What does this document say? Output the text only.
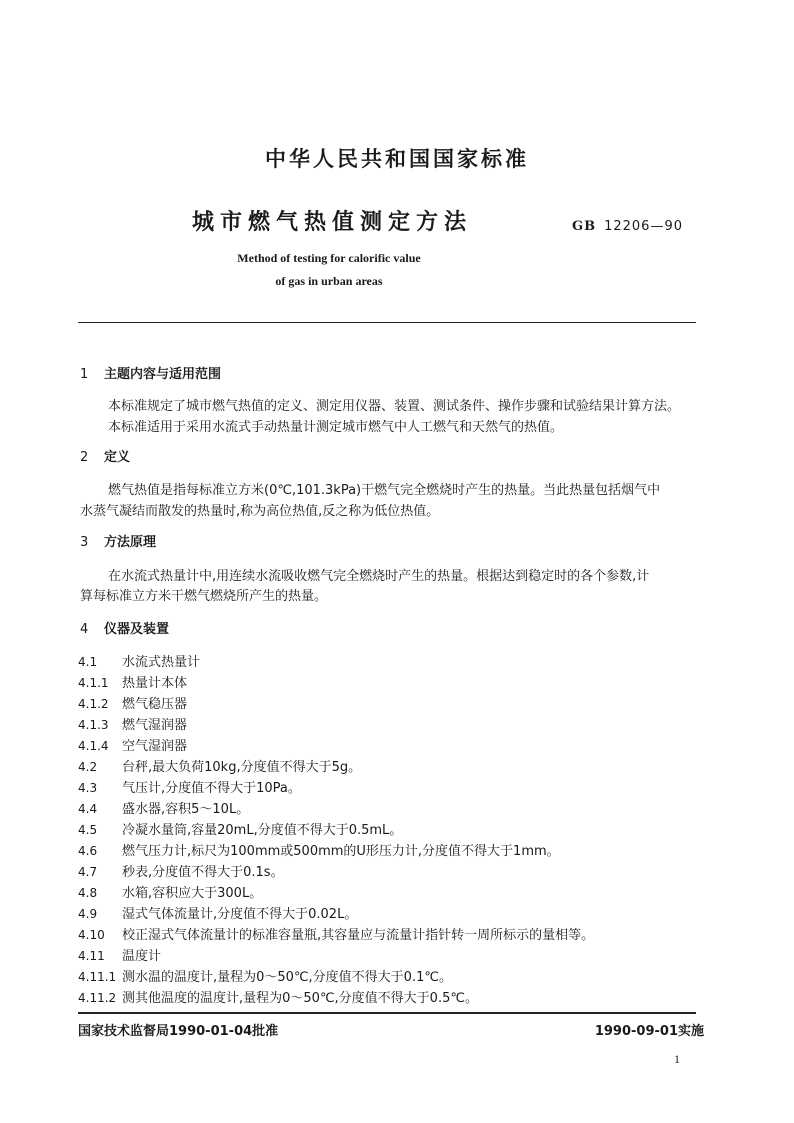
中华人民共和国国家标准
城市燃气热值测定方法	GB 12206—90
Method of testing for calorific value
of gas in urban areas
1 主题内容与适用范围
本标准规定了城市燃气热值的定义、测定用仪器、装置、测试条件、操作步骤和试验结果计算方法。
本标准适用于采用水流式手动热量计测定城市燃气中人工燃气和天然气的热值。
2 定义
燃气热值是指每标准立方米(0℃,101.3kPa)干燃气完全燃烧时产生的热量。当此热量包括烟气中
水蒸气凝结而散发的热量时,称为高位热值,反之称为低位热值。
3 方法原理
在水流式热量计中,用连续水流吸收燃气完全燃烧时产生的热量。根据达到稳定时的各个参数,计
算每标准立方米干燃气燃烧所产生的热量。
4 仪器及装置
4.1 水流式热量计
4.1.1 热量计本体
4.1.2 燃气稳压器
4.1.3 燃气湿润器
4.1.4 空气湿润器
4.2 台秤,最大负荷10kg,分度值不得大于5g。
4.3 气压计,分度值不得大于10Pa。
4.4 盛水器,容积5～10L。
4.5 冷凝水量筒,容量20mL,分度值不得大于0.5mL。
4.6 燃气压力计,标尺为100mm或500mm的U形压力计,分度值不得大于1mm。
4.7 秒表,分度值不得大于0.1s。
4.8 水箱,容积应大于300L。
4.9 湿式气体流量计,分度值不得大于0.02L。
4.10 校正湿式气体流量计的标准容量瓶,其容量应与流量计指针转一周所标示的量相等。
4.11 温度计
4.11.1 测水温的温度计,量程为0～50℃,分度值不得大于0.1℃。
4.11.2 测其他温度的温度计,量程为0～50℃,分度值不得大于0.5℃。
国家技术监督局1990-01-04批准	1990-09-01实施
1
